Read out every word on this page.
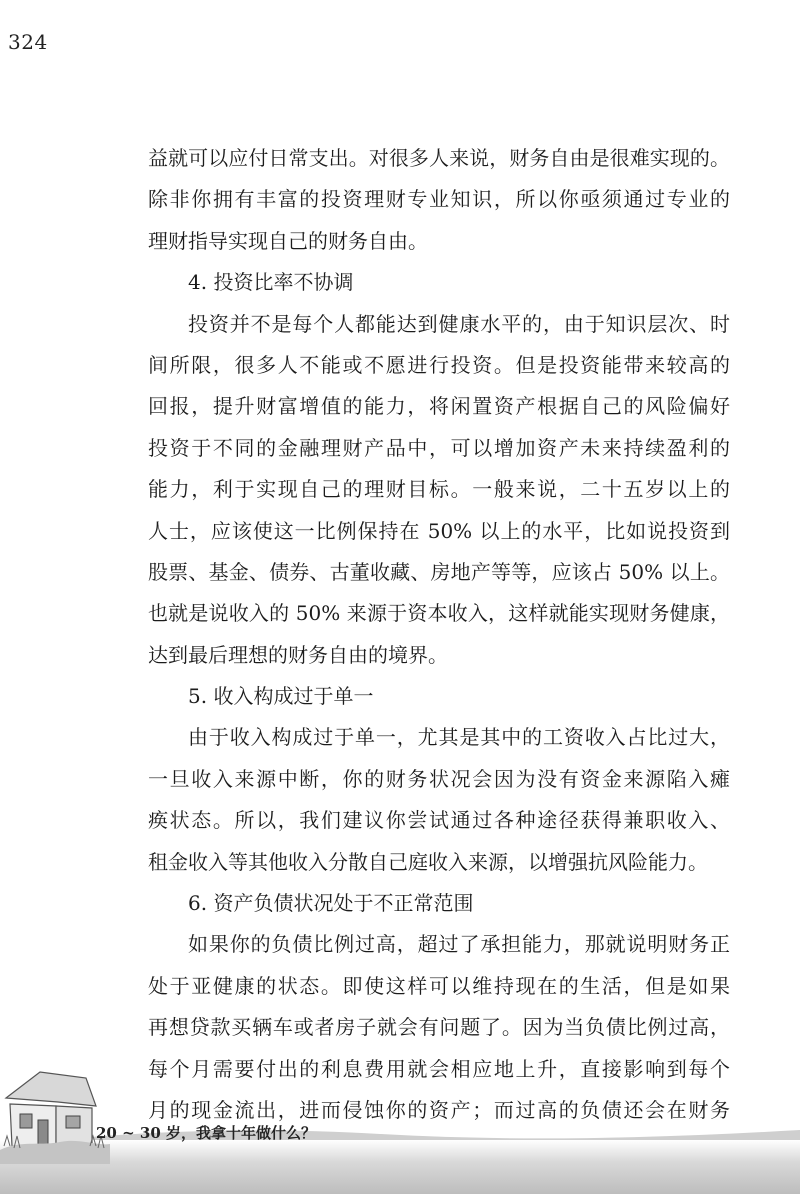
324
益就可以应付日常支出。对很多人来说，财务自由是很难实现的。
除非你拥有丰富的投资理财专业知识，所以你亟须通过专业的
理财指导实现自己的财务自由。
4. 投资比率不协调
投资并不是每个人都能达到健康水平的，由于知识层次、时
间所限，很多人不能或不愿进行投资。但是投资能带来较高的
回报，提升财富增值的能力，将闲置资产根据自己的风险偏好
投资于不同的金融理财产品中，可以增加资产未来持续盈利的
能力，利于实现自己的理财目标。一般来说，二十五岁以上的
人士，应该使这一比例保持在 50% 以上的水平，比如说投资到
股票、基金、债券、古董收藏、房地产等等，应该占 50% 以上。
也就是说收入的 50% 来源于资本收入，这样就能实现财务健康，
达到最后理想的财务自由的境界。
5. 收入构成过于单一
由于收入构成过于单一，尤其是其中的工资收入占比过大，
一旦收入来源中断，你的财务状况会因为没有资金来源陷入瘫
痪状态。所以，我们建议你尝试通过各种途径获得兼职收入、
租金收入等其他收入分散自己庭收入来源，以增强抗风险能力。
6. 资产负债状况处于不正常范围
如果你的负债比例过高，超过了承担能力，那就说明财务正
处于亚健康的状态。即使这样可以维持现在的生活，但是如果
再想贷款买辆车或者房子就会有问题了。因为当负债比例过高，
每个月需要付出的利息费用就会相应地上升，直接影响到每个
月的现金流出，进而侵蚀你的资产；而过高的负债还会在财务
20 ~ 30 岁，我拿十年做什么？
